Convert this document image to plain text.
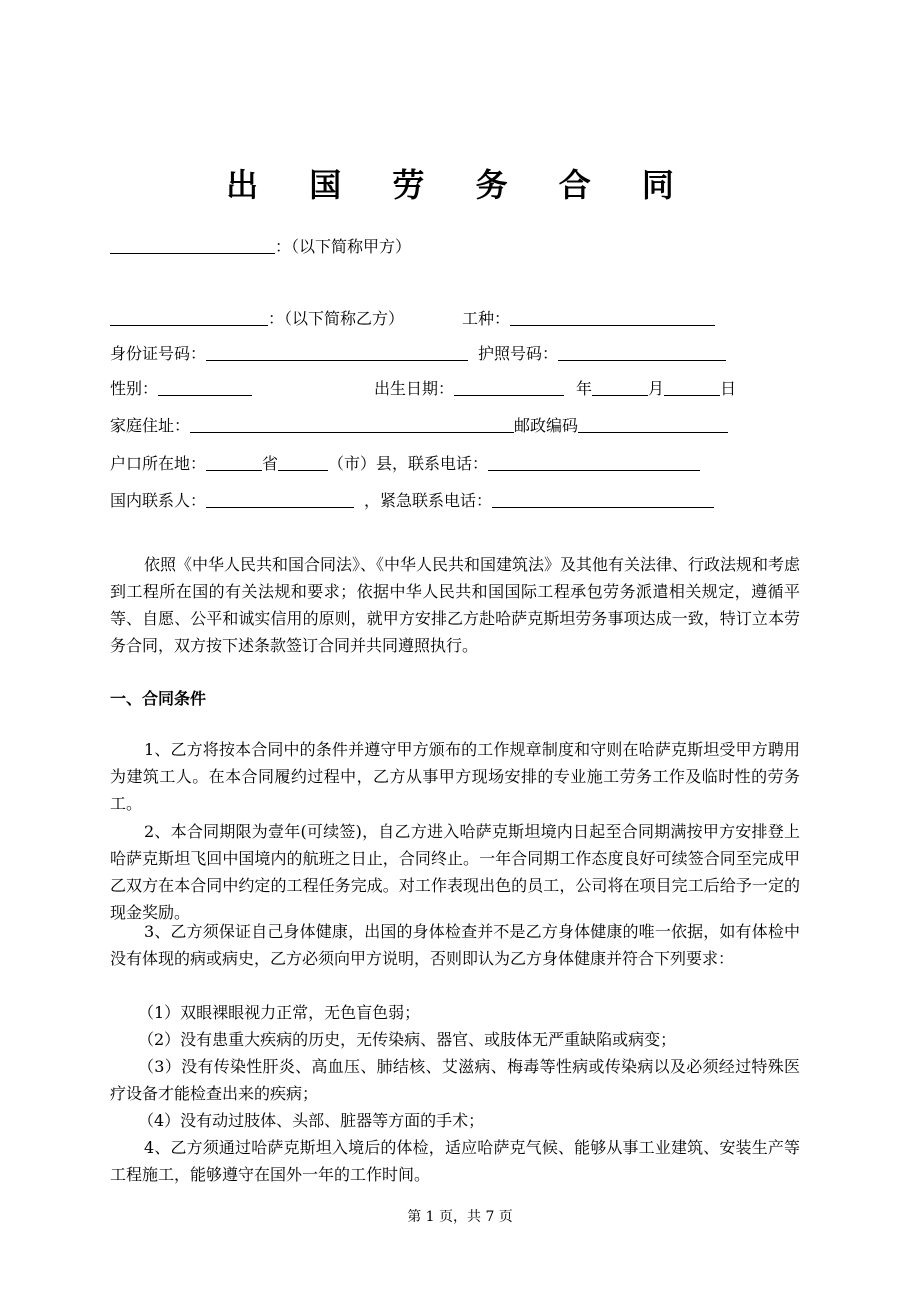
出 国 劳 务 合 同
：（以下简称甲方）
：（以下简称乙方）	工种：
身份证号码：	护照号码：
性别：	出生日期：	年	月	日
家庭住址：	邮政编码
户口所在地：	省	（市）县，联系电话：
国内联系人：	，紧急联系电话：
依照《中华人民共和国合同法》、《中华人民共和国建筑法》及其他有关法律、行政法规和考虑到工程所在国的有关法规和要求；依据中华人民共和国国际工程承包劳务派遣相关规定，遵循平等、自愿、公平和诚实信用的原则，就甲方安排乙方赴哈萨克斯坦劳务事项达成一致，特订立本劳务合同，双方按下述条款签订合同并共同遵照执行。
一、合同条件
1、乙方将按本合同中的条件并遵守甲方颁布的工作规章制度和守则在哈萨克斯坦受甲方聘用为建筑工人。在本合同履约过程中，乙方从事甲方现场安排的专业施工劳务工作及临时性的劳务工。
2、本合同期限为壹年(可续签)，自乙方进入哈萨克斯坦境内日起至合同期满按甲方安排登上哈萨克斯坦飞回中国境内的航班之日止，合同终止。一年合同期工作态度良好可续签合同至完成甲乙双方在本合同中约定的工程任务完成。对工作表现出色的员工，公司将在项目完工后给予一定的现金奖励。
3、乙方须保证自己身体健康，出国的身体检查并不是乙方身体健康的唯一依据，如有体检中没有体现的病或病史，乙方必须向甲方说明，否则即认为乙方身体健康并符合下列要求：
（1）双眼裸眼视力正常，无色盲色弱；
（2）没有患重大疾病的历史，无传染病、器官、或肢体无严重缺陷或病变；
（3）没有传染性肝炎、高血压、肺结核、艾滋病、梅毒等性病或传染病以及必须经过特殊医疗设备才能检查出来的疾病；
（4）没有动过肢体、头部、脏器等方面的手术；
4、乙方须通过哈萨克斯坦入境后的体检，适应哈萨克气候、能够从事工业建筑、安装生产等工程施工，能够遵守在国外一年的工作时间。
第 1 页，共 7 页
